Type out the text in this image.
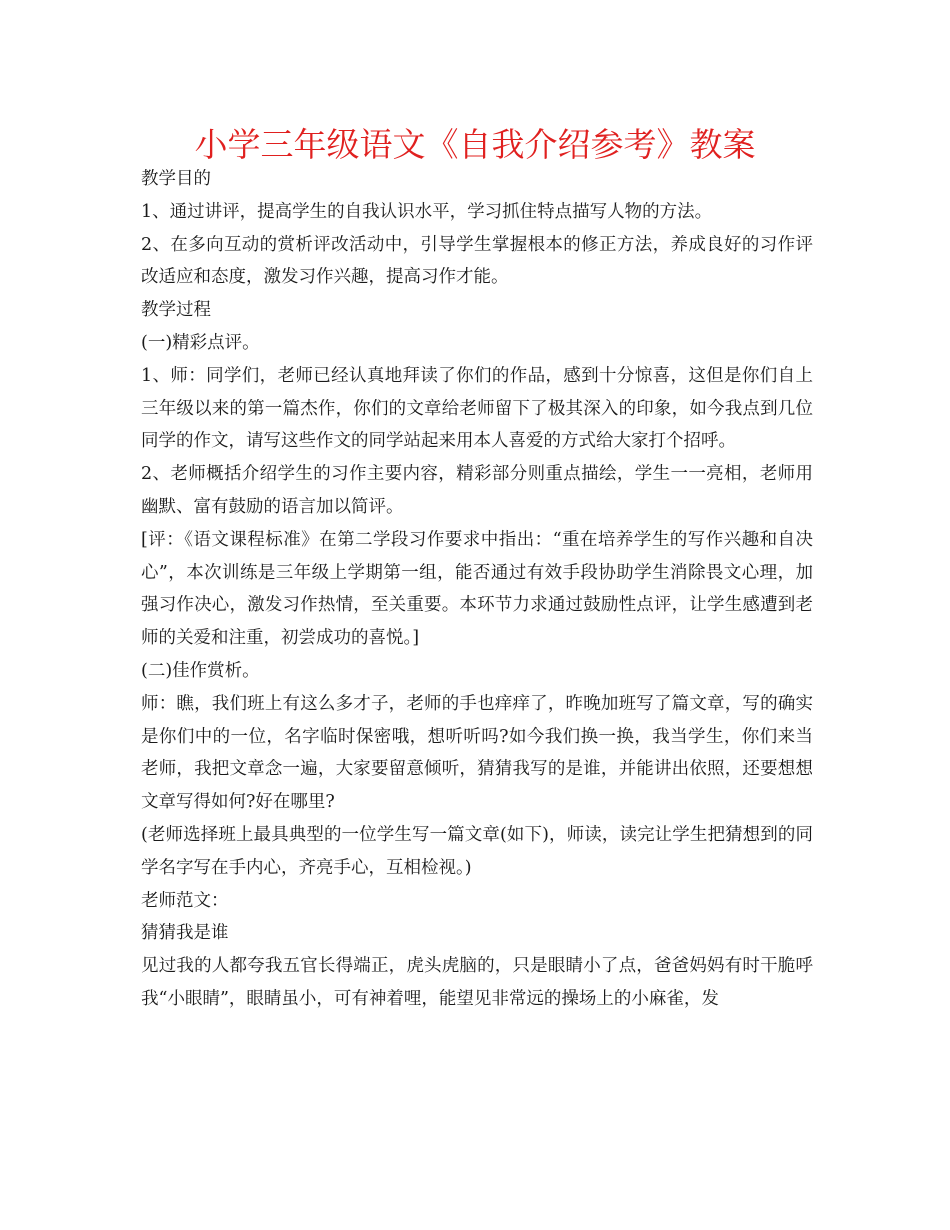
小学三年级语文《自我介绍参考》教案

教学目的

1、通过讲评，提高学生的自我认识水平，学习抓住特点描写人物的方法。

2、在多向互动的赏析评改活动中，引导学生掌握根本的修正方法，养成良好的习作评改适应和态度，激发习作兴趣，提高习作才能。

教学过程

(一)精彩点评。

1、师：同学们，老师已经认真地拜读了你们的作品，感到十分惊喜，这但是你们自上三年级以来的第一篇杰作，你们的文章给老师留下了极其深入的印象，如今我点到几位同学的作文，请写这些作文的同学站起来用本人喜爱的方式给大家打个招呼。

2、老师概括介绍学生的习作主要内容，精彩部分则重点描绘，学生一一亮相，老师用幽默、富有鼓励的语言加以简评。

[评：《语文课程标准》在第二学段习作要求中指出：“重在培养学生的写作兴趣和自决心”，本次训练是三年级上学期第一组，能否通过有效手段协助学生消除畏文心理，加强习作决心，激发习作热情，至关重要。本环节力求通过鼓励性点评，让学生感遭到老师的关爱和注重，初尝成功的喜悦。]

(二)佳作赏析。

师：瞧，我们班上有这么多才子，老师的手也痒痒了，昨晚加班写了篇文章，写的确实是你们中的一位，名字临时保密哦，想听听吗?如今我们换一换，我当学生，你们来当老师，我把文章念一遍，大家要留意倾听，猜猜我写的是谁，并能讲出依照，还要想想文章写得如何?好在哪里?

(老师选择班上最具典型的一位学生写一篇文章(如下)，师读，读完让学生把猜想到的同学名字写在手内心，齐亮手心，互相检视。)

老师范文：

猜猜我是谁

见过我的人都夸我五官长得端正，虎头虎脑的，只是眼睛小了点，爸爸妈妈有时干脆呼我“小眼睛”，眼睛虽小，可有神着哩，能望见非常远的操场上的小麻雀，发
